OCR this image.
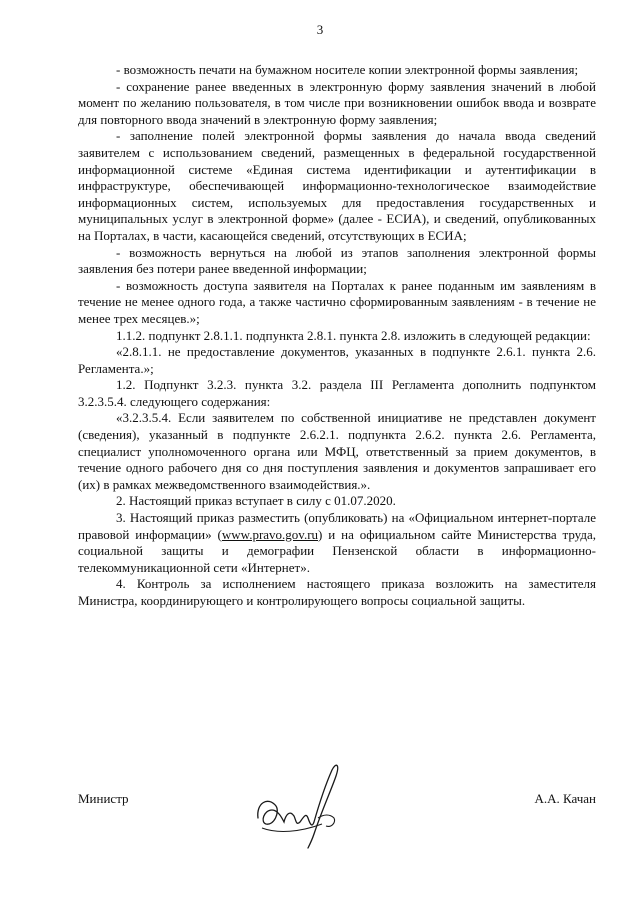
3

- возможность печати на бумажном носителе копии электронной формы заявления;

- сохранение ранее введенных в электронную форму заявления значений в любой момент по желанию пользователя, в том числе при возникновении ошибок ввода и возврате для повторного ввода значений в электронную форму заявления;

- заполнение полей электронной формы заявления до начала ввода сведений заявителем с использованием сведений, размещенных в федеральной государственной информационной системе «Единая система идентификации и аутентификации в инфраструктуре, обеспечивающей информационно-технологическое взаимодействие информационных систем, используемых для предоставления государственных и муниципальных услуг в электронной форме» (далее - ЕСИА), и сведений, опубликованных на Порталах, в части, касающейся сведений, отсутствующих в ЕСИА;

- возможность вернуться на любой из этапов заполнения электронной формы заявления без потери ранее введенной информации;

- возможность доступа заявителя на Порталах к ранее поданным им заявлениям в течение не менее одного года, а также частично сформированным заявлениям - в течение не менее трех месяцев.»;

1.1.2. подпункт 2.8.1.1. подпункта 2.8.1. пункта 2.8. изложить в следующей редакции:

«2.8.1.1. не предоставление документов, указанных в подпункте 2.6.1. пункта 2.6. Регламента.»;

1.2. Подпункт 3.2.3. пункта 3.2. раздела III Регламента дополнить подпунктом 3.2.3.5.4. следующего содержания:

«3.2.3.5.4. Если заявителем по собственной инициативе не представлен документ (сведения), указанный в подпункте 2.6.2.1. подпункта 2.6.2. пункта 2.6. Регламента, специалист уполномоченного органа или МФЦ, ответственный за прием документов, в течение одного рабочего дня со дня поступления заявления и документов запрашивает его (их) в рамках межведомственного взаимодействия.».

2. Настоящий приказ вступает в силу с 01.07.2020.

3. Настоящий приказ разместить (опубликовать) на «Официальном интернет-портале правовой информации» (www.pravo.gov.ru) и на официальном сайте Министерства труда, социальной защиты и демографии Пензенской области в информационно-телекоммуникационной сети «Интернет».

4. Контроль за исполнением настоящего приказа возложить на заместителя Министра, координирующего и контролирующего вопросы социальной защиты.

Министр	А.А. Качан
